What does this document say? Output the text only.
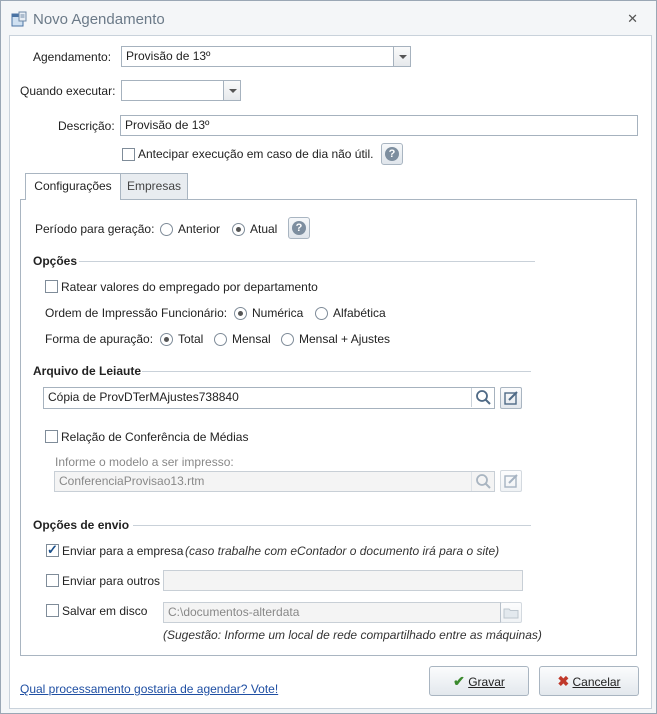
Novo Agendamento	✕
Agendamento:	Provisão de 13º
Quando executar:
Descrição: Provisão de 13º
Antecipar execução em caso de dia não útil.	?
Configurações	Empresas
Período para geração: Anterior Atual	?
Opções
Ratear valores do empregado por departamento
Ordem de Impressão Funcionário: Numérica Alfabética
Forma de apuração: Total Mensal Mensal + Ajustes
Arquivo de Leiaute
Cópia de ProvDTerMAjustes738840
Relação de Conferência de Médias
Informe o modelo a ser impresso:
ConferenciaProvisao13.rtm
Opções de envio
✓
Enviar para a empresa (caso trabalhe com eContador o documento irá para o site)
Enviar para outros
Salvar em disco	C:\documentos-alterdata
(Sugestão: Informe um local de rede compartilhado entre as máquinas)
Qual processamento gostaria de agendar? Vote!	✔ Gravar	✖ Cancelar
